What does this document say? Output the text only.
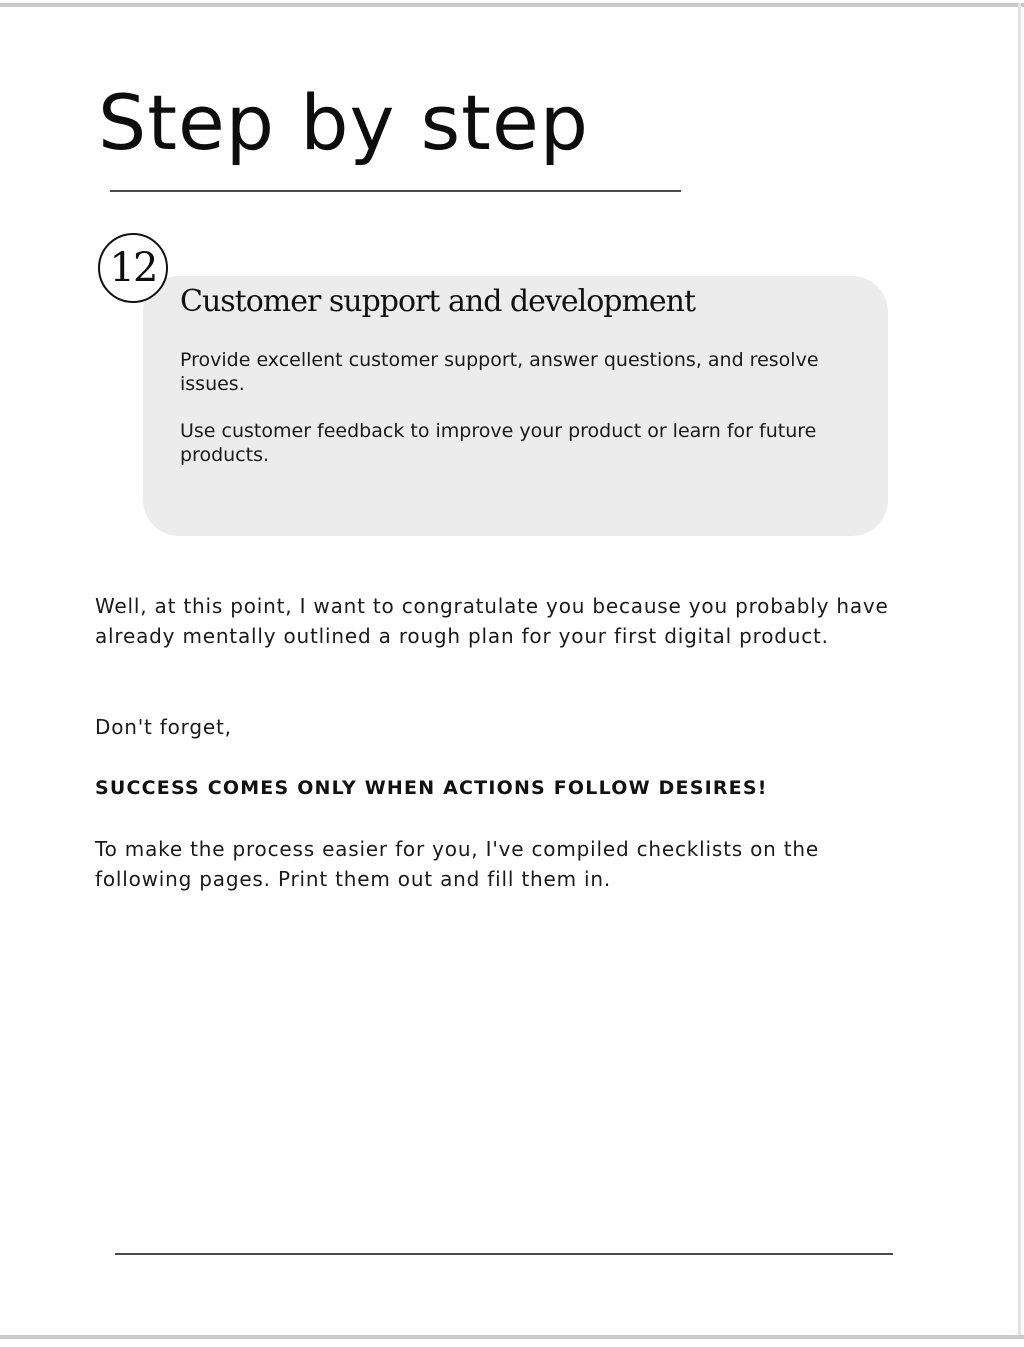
Step by step
12
Customer support and development

Provide excellent customer support, answer questions, and resolve issues.

Use customer feedback to improve your product or learn for future products.

Well, at this point, I want to congratulate you because you probably have already mentally outlined a rough plan for your first digital product.

Don't forget,

SUCCESS COMES ONLY WHEN ACTIONS FOLLOW DESIRES!

To make the process easier for you, I've compiled checklists on the following pages. Print them out and fill them in.
